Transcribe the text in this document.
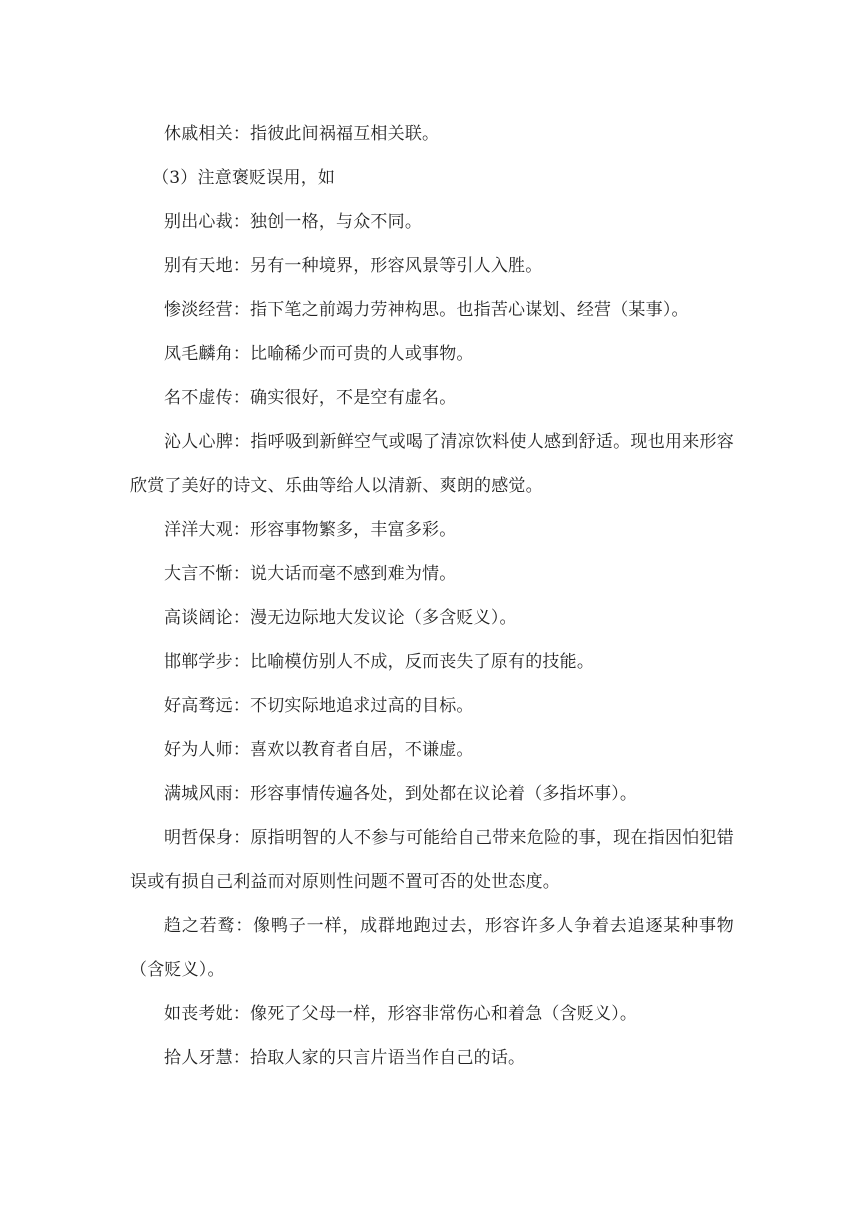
休戚相关：指彼此间祸福互相关联。

（3）注意褒贬误用，如

别出心裁：独创一格，与众不同。

别有天地：另有一种境界，形容风景等引人入胜。

惨淡经营：指下笔之前竭力劳神构思。也指苦心谋划、经营（某事）。

凤毛麟角：比喻稀少而可贵的人或事物。

名不虚传：确实很好，不是空有虚名。

沁人心脾：指呼吸到新鲜空气或喝了清凉饮料使人感到舒适。现也用来形容欣赏了美好的诗文、乐曲等给人以清新、爽朗的感觉。

洋洋大观：形容事物繁多，丰富多彩。

大言不惭：说大话而毫不感到难为情。

高谈阔论：漫无边际地大发议论（多含贬义）。

邯郸学步：比喻模仿别人不成，反而丧失了原有的技能。

好高骛远：不切实际地追求过高的目标。

好为人师：喜欢以教育者自居，不谦虚。

满城风雨：形容事情传遍各处，到处都在议论着（多指坏事）。

明哲保身：原指明智的人不参与可能给自己带来危险的事，现在指因怕犯错误或有损自己利益而对原则性问题不置可否的处世态度。

趋之若鹜：像鸭子一样，成群地跑过去，形容许多人争着去追逐某种事物（含贬义）。

如丧考妣：像死了父母一样，形容非常伤心和着急（含贬义）。

拾人牙慧：拾取人家的只言片语当作自己的话。
